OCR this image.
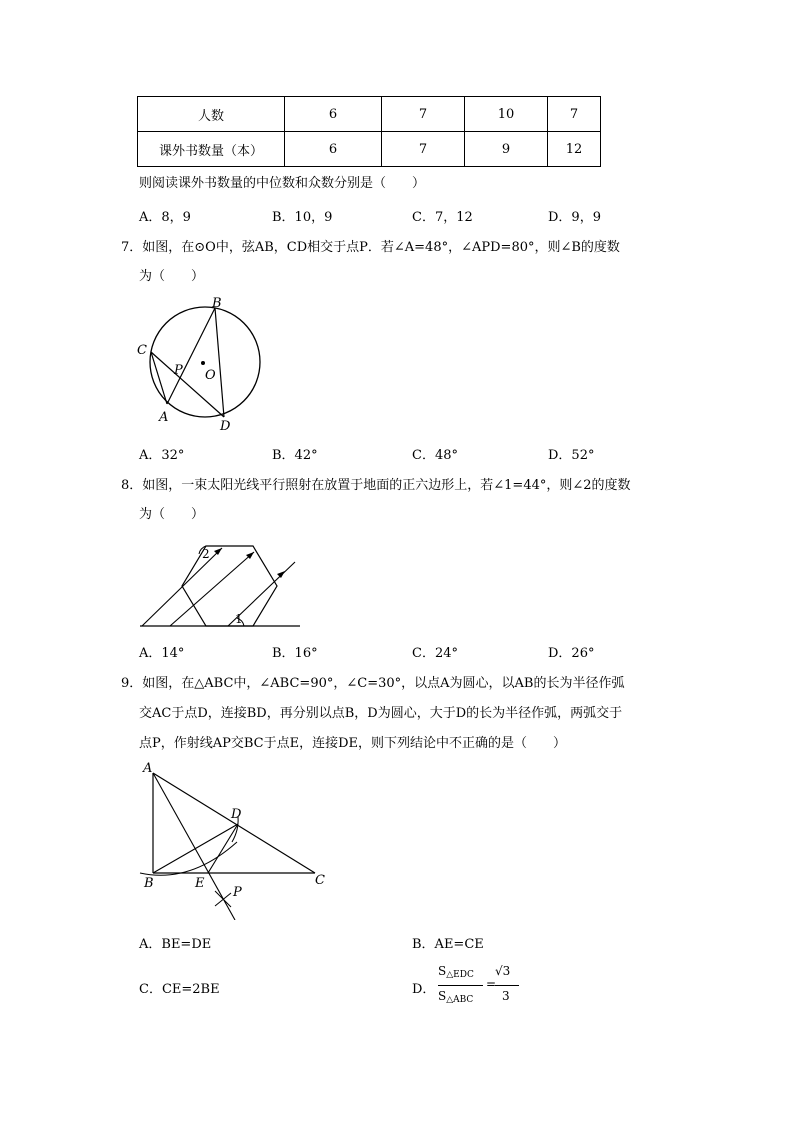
人数	6	7	10	7
课外书数量（本）	6	7	9	12
则阅读课外书数量的中位数和众数分别是（　　）
A．8，9	B．10，9	C．7，12	D．9，9
7．如图，在⊙O中，弦AB，CD相交于点P．若∠A=48°，∠APD=80°，则∠B的度数
为（　　）
B
C
P O
A
D
A．32°	B．42°	C．48°	D．52°
8．如图，一束太阳光线平行照射在放置于地面的正六边形上，若∠1=44°，则∠2的度数
为（　　）
1
2
A．14°	B．16°	C．24°	D．26°
9．如图，在△ABC中，∠ABC=90°，∠C=30°，以点A为圆心，以AB的长为半径作弧
交AC于点D，连接BD，再分别以点B，D为圆心，大于D的长为半径作弧，两弧交于
点P，作射线AP交BC于点E，连接DE，则下列结论中不正确的是（　　）
A
B	C
D
E
P
A．BE=DE	B．AE=CE
C．CE=2BE	D．
$S_{\triangle EDC}$
$S_{\triangle ABC}$
=
√3
3
